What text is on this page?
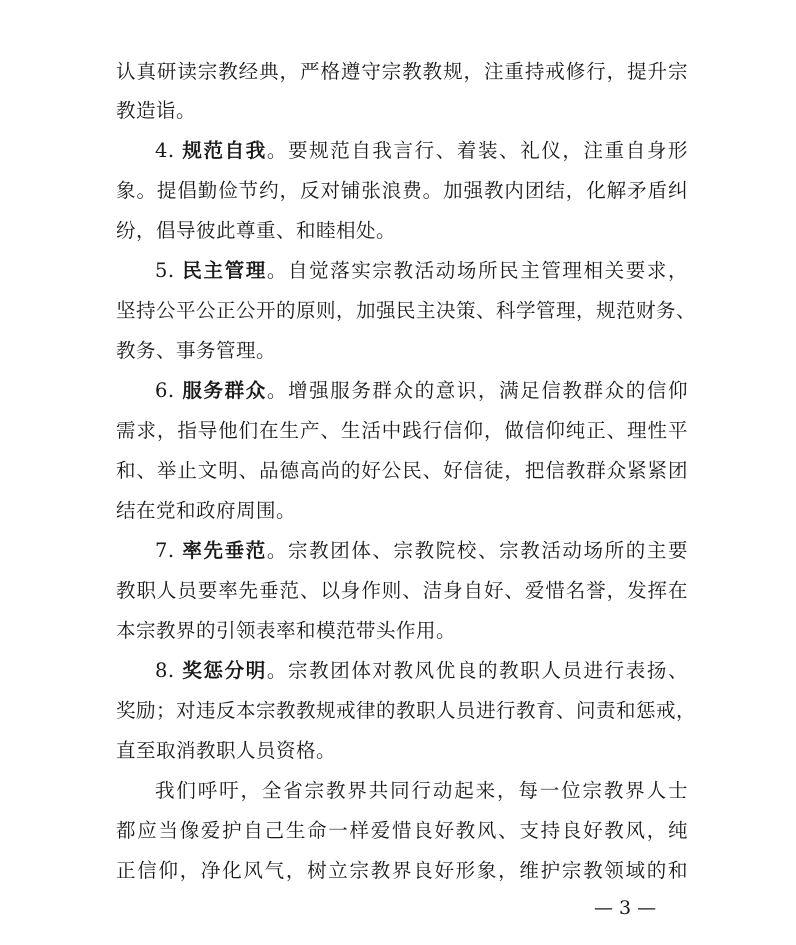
认真研读宗教经典，严格遵守宗教教规，注重持戒修行，提升宗
教造诣。
4. 规范自我。要规范自我言行、着装、礼仪，注重自身形
象。提倡勤俭节约，反对铺张浪费。加强教内团结，化解矛盾纠
纷，倡导彼此尊重、和睦相处。
5. 民主管理。自觉落实宗教活动场所民主管理相关要求，
坚持公平公正公开的原则，加强民主决策、科学管理，规范财务、
教务、事务管理。
6. 服务群众。增强服务群众的意识，满足信教群众的信仰
需求，指导他们在生产、生活中践行信仰，做信仰纯正、理性平
和、举止文明、品德高尚的好公民、好信徒，把信教群众紧紧团
结在党和政府周围。
7. 率先垂范。宗教团体、宗教院校、宗教活动场所的主要
教职人员要率先垂范、以身作则、洁身自好、爱惜名誉，发挥在
本宗教界的引领表率和模范带头作用。
8. 奖惩分明。宗教团体对教风优良的教职人员进行表扬、
奖励；对违反本宗教教规戒律的教职人员进行教育、问责和惩戒，
直至取消教职人员资格。
我们呼吁，全省宗教界共同行动起来，每一位宗教界人士
都应当像爱护自己生命一样爱惜良好教风、支持良好教风，纯
正信仰，净化风气，树立宗教界良好形象，维护宗教领域的和
— 3 —
